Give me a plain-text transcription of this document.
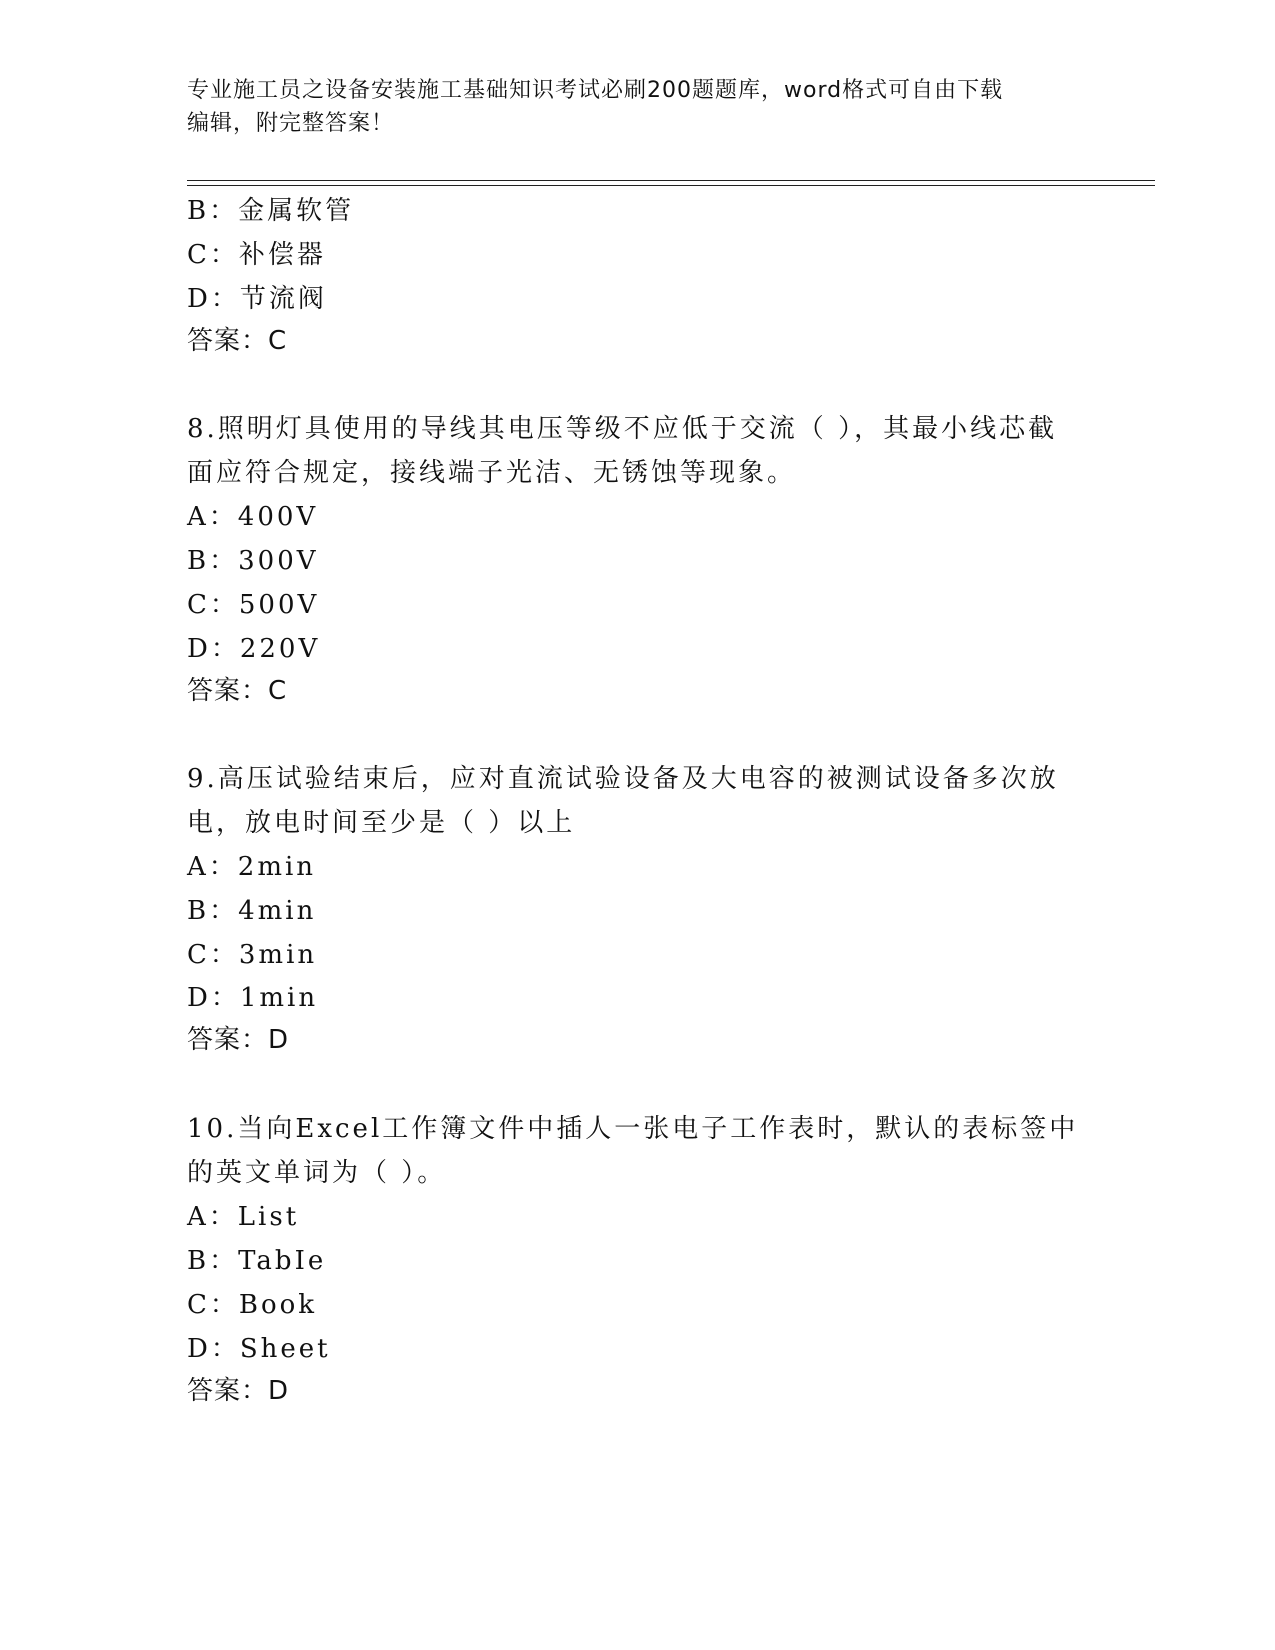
专业施工员之设备安装施工基础知识考试必刷200题题库，word格式可自由下载
编辑，附完整答案！
B：金属软管
C：补偿器
D：节流阀
答案：C
8.照明灯具使用的导线其电压等级不应低于交流（ ），其最小线芯截
面应符合规定，接线端子光洁、无锈蚀等现象。
A：400V
B：300V
C：500V
D：220V
答案：C
9.高压试验结束后，应对直流试验设备及大电容的被测试设备多次放
电，放电时间至少是（ ）以上
A：2min
B：4min
C：3min
D：1min
答案：D
10.当向Excel工作簿文件中插人一张电子工作表时，默认的表标签中
的英文单词为（ ）。
A：List
B：TabIe
C：Book
D：Sheet
答案：D
